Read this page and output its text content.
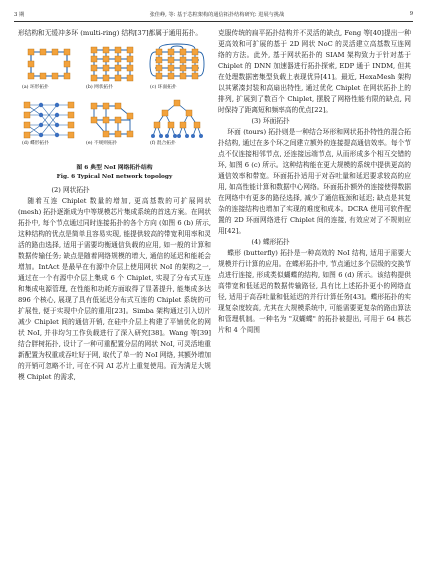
3 期	张佳峥, 等: 基于芯粒架构的通信拓扑结构研究: 进展与挑战	9

形结构和无缓冲多环 (multi-ring) 结构[37]都属于通用拓扑。

(a) 环形拓扑	(b) 网状拓扑	(c) 环面拓扑
(d) 蝶形拓扑	(e) 不规则拓扑	(f) 混合拓扑
图 6 典型 NoI 网络拓扑结构
Fig. 6 Typical NoI network topology

(2) 网状拓扑

随着互连 Chiplet 数量的增加, 更高基数的可扩展网状 (mesh) 拓扑逐渐成为中等规模芯片集成系统的首选方案。在网状拓扑中, 每个节点通过同时连接拓扑的各个方向 (如图 6 (b) 所示, 这种结构的优点是简单且容易实现, 能提供较高的带宽利用率和灵活的路由选择, 适用于需要均衡通信负载的应用, 如一般的计算和数据传输任务; 缺点是随着网络规模的增大, 通信的延迟和能耗会增加。IntAct 是最早在有源中介层上使用网状 NoI 的架构之一, 通过在一个有源中介层上集成 6 个 Chiplet, 实现了分布式互连和集成电源管理, 在性能和功耗方面取得了显著提升, 能集成多达 896 个核心, 展现了具有低延迟分布式互连的 Chiplet 系统的可扩展性, 便于实现中介层的重用[23]。Simba 架构通过引入切片减少 Chiplet 间的通信开销, 在硅中介层上构建了平铺优化的网状 NoI, 并非均匀工作负载进行了深入研究[38]。Wang 等[39]结合胖树拓扑, 设计了一种可重配置分层的网状 NoI, 可灵活地重新配置为权重或吞吐好于网, 取代了单一的 NoI 网络, 其额外增加的开销可忽略不计, 可在不同 AI 芯片上重复使用。而为满足大规模 Chiplet 的需求,

克服传统的扁平拓扑结构并不灵活的缺点, Feng 等[40]提出一种更高效和可扩展的基于 2D 网状 NoC 的灵活建立高基数互连网络的方法。此外, 基于网状拓扑的 SIAM 架构致力于针对基于 Chiplet 的 DNN 加速器进行拓扑探索, EDP 通于 INDM, 但其在处理数据密集型负载上表现优异[41]。最近, HexaMesh 架构以其紧凑封装和高扇出特性, 通过优化 Chiplet 在网状拓扑上的排列, 扩展到了数百个 Chiplet, 摆脱了网格性能有限的缺点, 同时保持了距离短和频率高的优点[22]。

(3) 环面拓扑

环面 (tours) 拓扑则是一种结合环形和网状拓扑特性的混合拓扑结构, 通过在多个环之间建立额外的连接提高通信效率。每个节点不仅连接相邻节点, 还连接远端节点, 从而形成多个相互交错的环, 如图 6 (c) 所示。这种结构能在更大规模的系统中提供更高的通信效率和带宽。环面拓扑适用于对吞吐量和延迟要求较高的应用, 如高性能计算和数据中心网络。环面拓扑额外的连接使得数据在网络中有更多的路径选择, 减少了通信瓶颈和延迟; 缺点是其复杂的连接结构也增加了实现的难度和成本。DCRA 使用可软件配置的 2D 环面网络进行 Chiplet 间的连接, 有效应对了不规则应用[42]。

(4) 蝶形拓扑

蝶形 (butterfly) 拓扑是一种高效的 NoI 结构, 适用于需要大规模并行计算的应用。在蝶形拓扑中, 节点通过多个层级的交换节点进行连接, 形成类似蝴蝶的结构, 如图 6 (d) 所示。该结构提供高带宽和低延迟的数据传输路径, 具有比上述拓扑更小的网络直径, 适用于高吞吐量和低延迟的并行计算任务[43]。蝶形拓扑的实现复杂度较高, 尤其在大规模系统中, 可能需要更复杂的路由算法和管理机制。一种名为 "双蝴蝶" 的拓扑被提出, 可用于 64 核芯片和 4 个周围
